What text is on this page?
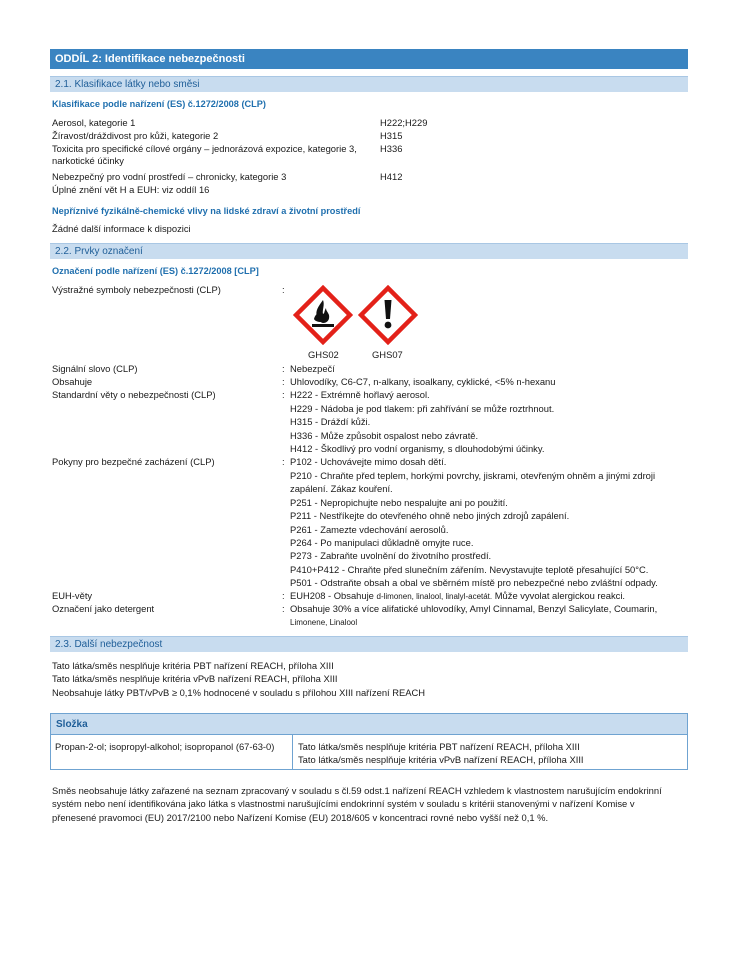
ODDÍL 2: Identifikace nebezpečnosti
2.1. Klasifikace látky nebo směsi
Klasifikace podle nařízení (ES) č.1272/2008 (CLP)
Aerosol, kategorie 1	H222;H229
Žíravost/dráždivost pro kůži, kategorie 2	H315
Toxicita pro specifické cílové orgány – jednorázová expozice, kategorie 3, H336
narkotické účinky
Nebezpečný pro vodní prostředí – chronicky, kategorie 3	H412
Úplné znění vět H a EUH: viz oddíl 16
Nepříznivé fyzikálně-chemické vlivy na lidské zdraví a životní prostředí
Žádné další informace k dispozici
2.2. Prvky označení
Označení podle nařízení (ES) č.1272/2008 [CLP]
Výstražné symboly nebezpečnosti (CLP)	:
GHS02	GHS07
Signální slovo (CLP)	: Nebezpečí
Obsahuje	: Uhlovodíky, C6-C7, n-alkany, isoalkany, cyklické, <5% n-hexanu
Standardní věty o nebezpečnosti (CLP)	: H222 - Extrémně hořlavý aerosol.
H229 - Nádoba je pod tlakem: při zahřívání se může roztrhnout.
H315 - Dráždí kůži.
H336 - Může způsobit ospalost nebo závratě.
H412 - Škodlivý pro vodní organismy, s dlouhodobými účinky.
Pokyny pro bezpečné zacházení (CLP)	: P102 - Uchovávejte mimo dosah dětí.
P210 - Chraňte před teplem, horkými povrchy, jiskrami, otevřeným ohněm a jinými zdroji
zapálení. Zákaz kouření.
P251 - Nepropichujte nebo nespalujte ani po použití.
P211 - Nestříkejte do otevřeného ohně nebo jiných zdrojů zapálení.
P261 - Zamezte vdechování aerosolů.
P264 - Po manipulaci důkladně omyjte ruce.
P273 - Zabraňte uvolnění do životního prostředí.
P410+P412 - Chraňte před slunečním zářením. Nevystavujte teplotě přesahující 50°C.
P501 - Odstraňte obsah a obal ve sběrném místě pro nebezpečné nebo zvláštní odpady.
EUH-věty	: EUH208 - Obsahuje d-limonen, linalool, linalyl-acetát. Může vyvolat alergickou reakci.
Označení jako detergent	: Obsahuje 30% a více alifatické uhlovodíky, Amyl Cinnamal, Benzyl Salicylate, Coumarin,
Limonene, Linalool
2.3. Další nebezpečnost
Tato látka/směs nesplňuje kritéria PBT nařízení REACH, příloha XIII
Tato látka/směs nesplňuje kritéria vPvB nařízení REACH, příloha XIII
Neobsahuje látky PBT/vPvB ≥ 0,1% hodnocené v souladu s přílohou XIII nařízení REACH
Složka
Propan-2-ol; isopropyl-alkohol; isopropanol (67-63-0)	Tato látka/směs nesplňuje kritéria PBT nařízení REACH, příloha XIII
Tato látka/směs nesplňuje kritéria vPvB nařízení REACH, příloha XIII
Směs neobsahuje látky zařazené na seznam zpracovaný v souladu s čl.59 odst.1 nařízení REACH vzhledem k vlastnostem narušujícím endokrinní
systém nebo není identifikována jako látka s vlastnostmi narušujícími endokrinní systém v souladu s kritérii stanovenými v nařízení Komise v
přenesené pravomoci (EU) 2017/2100 nebo Nařízení Komise (EU) 2018/605 v koncentraci rovné nebo vyšší než 0,1 %.
